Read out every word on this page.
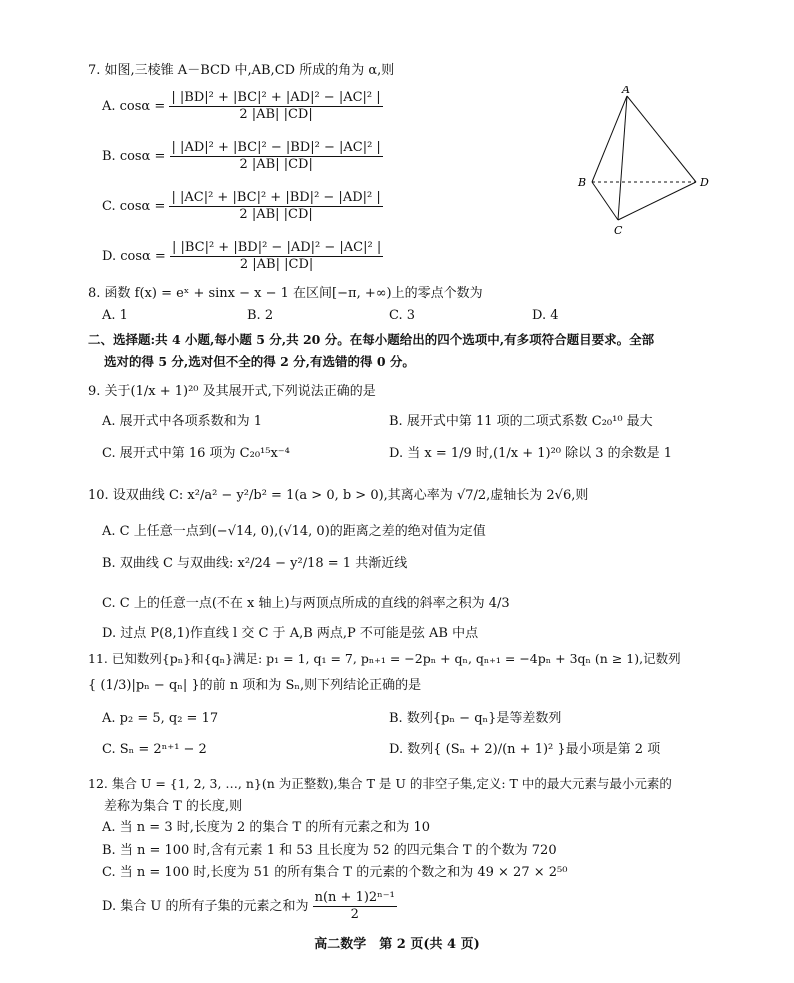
7. 如图,三棱锥 A－BCD 中,AB,CD 所成的角为 α,则
A. $\cos\alpha = \frac{\text{| |BD|² + |BC|² + |AD|² − |AC|² |}}{2 |AB| |CD|}$
B. $\cos\alpha = \frac{\text{| |AD|² + |BC|² − |BD|² − |AC|² |}}{2 |AB| |CD|}$
C. $\cos\alpha = \frac{\text{| |AC|² + |BC|² + |BD|² − |AD|² |}}{2 |AB| |CD|}$
D. $\cos\alpha = \frac{\text{| |BC|² + |BD|² − |AD|² − |AC|² |}}{2 |AB| |CD|}$
A
B
C
D
8. 函数 f(x) = eˣ + sinx − x − 1 在区间[−π, +∞)上的零点个数为
A. 1	B. 2	C. 3	D. 4
二、选择题:共 4 小题,每小题 5 分,共 20 分。在每小题给出的四个选项中,有多项符合题目要求。全部
选对的得 5 分,选对但不全的得 2 分,有选错的得 0 分。
9. 关于(1/x + 1)²⁰ 及其展开式,下列说法正确的是
A. 展开式中各项系数和为 1	B. 展开式中第 11 项的二项式系数 C₂₀¹⁰ 最大
C. 展开式中第 16 项为 C₂₀¹⁵x⁻⁴	D. 当 x = 1/9 时,(1/x + 1)²⁰ 除以 3 的余数是 1
10. 设双曲线 C: x²/a² − y²/b² = 1(a > 0, b > 0),其离心率为 √7/2,虚轴长为 2√6,则
A. C 上任意一点到(−√14, 0),(√14, 0)的距离之差的绝对值为定值
B. 双曲线 C 与双曲线: x²/24 − y²/18 = 1 共渐近线
C. C 上的任意一点(不在 x 轴上)与两顶点所成的直线的斜率之积为 4/3
D. 过点 P(8,1)作直线 l 交 C 于 A,B 两点,P 不可能是弦 AB 中点
11. 已知数列{pₙ}和{qₙ}满足: p₁ = 1, q₁ = 7, pₙ₊₁ = −2pₙ + qₙ, qₙ₊₁ = −4pₙ + 3qₙ (n ≥ 1),记数列
{ (1/3)|pₙ − qₙ| }的前 n 项和为 Sₙ,则下列结论正确的是
A. p₂ = 5, q₂ = 17	B. 数列{pₙ − qₙ}是等差数列
C. Sₙ = 2ⁿ⁺¹ − 2	D. 数列{ (Sₙ + 2)/(n + 1)² }最小项是第 2 项
12. 集合 U = {1, 2, 3, …, n}(n 为正整数),集合 T 是 U 的非空子集,定义: T 中的最大元素与最小元素的
差称为集合 T 的长度,则
A. 当 n = 3 时,长度为 2 的集合 T 的所有元素之和为 10
B. 当 n = 100 时,含有元素 1 和 53 且长度为 52 的四元集合 T 的个数为 720
C. 当 n = 100 时,长度为 51 的所有集合 T 的元素的个数之和为 49 × 27 × 2⁵⁰
D. 集合 U 的所有子集的元素之和为 $\frac{\text{n(n + 1)2ⁿ⁻¹}}{2}$
高二数学　第 2 页(共 4 页)
